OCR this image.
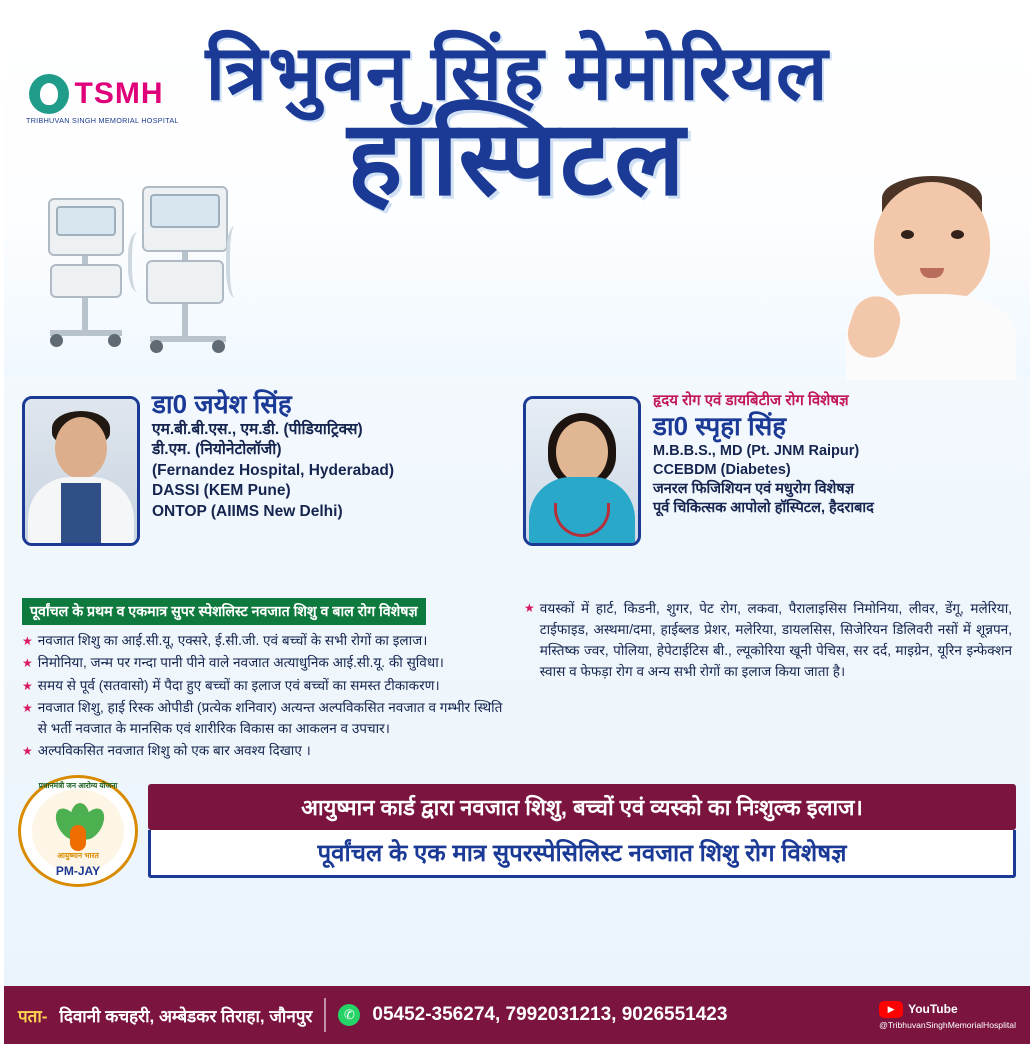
TSMH
TRIBHUVAN SINGH MEMORIAL HOSPITAL
त्रिभुवन सिंह मेमोरियल
हॉस्पिटल
डा0 जयेश सिंह
एम.बी.बी.एस., एम.डी. (पीडियाट्रिक्स)
डी.एम. (नियोनेटोलॉजी)
(Fernandez Hospital, Hyderabad)
DASSI (KEM Pune)
ONTOP (AIIMS New Delhi)
हृदय रोग एवं डायबिटीज रोग विशेषज्ञ
डा0 स्पृहा सिंह
M.B.B.S., MD (Pt. JNM Raipur)
CCEBDM (Diabetes)
जनरल फिजिशियन एवं मधुरोग विशेषज्ञ
पूर्व चिकित्सक आपोलो हॉस्पिटल, हैदराबाद
पूर्वांचल के प्रथम व एकमात्र सुपर स्पेशलिस्ट नवजात शिशु व बाल रोग विशेषज्ञ
★ नवजात शिशु का आई.सी.यू, एक्सरे, ई.सी.जी. एवं बच्चों के सभी रोगों का इलाज।
★ निमोनिया, जन्म पर गन्दा पानी पीने वाले नवजात अत्याधुनिक आई.सी.यू. की सुविधा।
★ समय से पूर्व (सतवासो) में पैदा हुए बच्चों का इलाज एवं बच्चों का समस्त टीकाकरण।
★ नवजात शिशु, हाई रिस्क ओपीडी (प्रत्येक शनिवार) अत्यन्त अल्पविकसित नवजात व गम्भीर स्थिति से भर्ती नवजात के मानसिक एवं शारीरिक विकास का आकलन व उपचार।
★ अल्पविकसित नवजात शिशु को एक बार अवश्य दिखाए ।
★ वयस्कों में हार्ट, किडनी, शुगर, पेट रोग, लकवा, पैरालाइसिस निमोनिया, लीवर, डेंगू, मलेरिया, टाईफाइड, अस्थमा/दमा, हाईब्लड प्रेशर, मलेरिया, डायलसिस, सिजेरियन डिलिवरी नसों में शून्नपन, मस्तिष्क ज्वर, पोलिया, हेपेटाईटिस बी., ल्यूकोरिया खूनी पेचिस, सर दर्द, माइग्रेन, यूरिन इन्फेक्शन स्वास व फेफड़ा रोग व अन्य सभी रोगों का इलाज किया जाता है।
प्रधानमंत्री जन आरोग्य योजना
आयुष्मान भारत
PM-JAY
आयुष्मान कार्ड द्वारा नवजात शिशु, बच्चों एवं व्यस्को का निःशुल्क इलाज।
पूर्वांचल के एक मात्र सुपरस्पेसिलिस्ट नवजात शिशु रोग विशेषज्ञ
पता- दिवानी कचहरी, अम्बेडकर तिराहा, जौनपुर	✆ 05452-356274, 7992031213, 9026551423	▶	YouTube
@TribhuvanSinghMemorialHosplital
